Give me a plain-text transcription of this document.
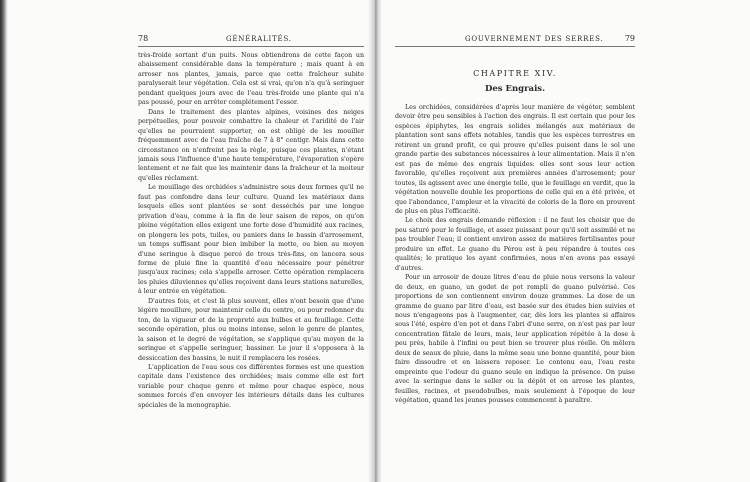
78	GÉNÉRALITÉS.

très-froide sortant d'un puits. Nous obtiendrons de cette façon un abaissement considérable dans la température ; mais quant à en arroser nos plantes, jamais, parce que cette fraîcheur subite paralyserait leur végétation. Cela est si vrai, qu'on n'a qu'à seringuer pendant quelques jours avec de l'eau très-froide une plante qui n'a pas poussé, pour en arrêter complétement l'essor.

Dans le traitement des plantes alpines, voisines des neiges perpétuelles, pour pouvoir combattre la chaleur et l'aridité de l'air qu'elles ne pourraient supporter, on est obligé de les mouiller fréquemment avec de l'eau fraîche de 7 à 8° centigr. Mais dans cette circonstance on n'enfreint pas la règle, puisque ces plantes, n'étant jamais sous l'influence d'une haute température, l'évaporation s'opère lentement et ne fait que les maintenir dans la fraîcheur et la moiteur qu'elles réclament.

Le mouillage des orchidées s'administre sous deux formes qu'il ne faut pas confondre dans leur culture. Quand les matériaux dans lesquels elles sont plantées se sont desséchés par une longue privation d'eau, comme à la fin de leur saison de repos, on qu'on pleine végétation elles exigent une forte dose d'humidité aux racines, on plongera les pots, tuiles, ou paniers dans le bassin d'arrosement, un temps suffisant pour bien imbiber la motte, ou bien au moyen d'une seringue à disque percé de trous très-fins, on lancera sous forme de pluie fine la quantité d'eau nécessaire pour pénétrer jusqu'aux racines; cela s'appelle arroser. Cette opération remplacera les pluies diluviennes qu'elles reçoivent dans leurs stations naturelles, à leur entrée en végétation.

D'autres fois, et c'est là plus souvent, elles n'ont besoin que d'une légère mouillure, pour maintenir celle du centre, ou pour redonner du ton, de la vigueur et de la propreté aux bulbes et au feuillage. Cette seconde opération, plus ou moins intense, selon le genre de plantes, la saison et le degré de végétation, se s'applique qu'au moyen de la seringue et s'appelle seringuer, bassiner. Le jour il s'opposera à la dessiccation des bassins, le nuit il remplacera les rosées.

L'application de l'eau sous ces différentes formes est une question capitale dans l'existence des orchidées; mais comme elle est fort variable pour chaque genre et même pour chaque espèce, nous sommes forcés d'en envoyer les intérieurs détails dans les cultures spéciales de la monographie.

GOUVERNEMENT DES SERRES.	79
CHAPITRE XIV.
Des Engrais.

Les orchidées, considérées d'après leur manière de végéter, semblent devoir être peu sensibles à l'action des engrais. Il est certain que pour les espèces épiphytes, les engrais solides mélangés aux matériaux de plantation sont sans effets notables, tandis que les espèces terrestres en retirent un grand profit, ce qui prouve qu'elles puisent dans le sol une grande partie des substances nécessaires à leur alimentation. Mais il n'en est pas de même des engrais liquides: elles sont sous leur action favorable, qu'elles reçoivent aux premières années d'arrosement; pour toutes, ils agissent avec une énergie telle, que le feuillage en verdit, que la végétation nouvelle double les proportions de celle qui en a été privée, et que l'abondance, l'ampleur et la vivacité de coloris de la flore en prouvent de plus en plus l'efficacité.

Le choix des engrais demande réflexion : il ne faut les choisir que de peu saturé pour le feuillage, et assez puissant pour qu'il soit assimilé et ne pas troubler l'eau; il contient environ assez de matières fertilisantes pour produire un effet. Le guano du Pérou est à peu répandre à toutes ces qualités; le pratique les ayant confirmées, nous n'en avons pas essayé d'autres.

Pour un arrosoir de douze litres d'eau de pluie nous versons la valeur de deux, en guano, un godet de pot rempli de guano pulvérisé. Ces proportions de son contiennent environ douze grammes. La dose de un gramme de guano par litre d'eau, est basée sur des études bien suivies et nous n'engageons pas à l'augmenter, car, dès lors les plantes si affaires sous l'été, espère d'en pot et dans l'abri d'une serre, on n'est pas par leur concentration fâtale de leurs, mais, leur application répétée à la dose à peu près, habile à l'infini ou peut bien se trouver plus réelle. On mêlera deux de seaux de pluie, dans la même seau une bonne quantité, pour bien faire dissoudre et en laissera reposer. Le contenu eau, l'eau reste empreinte que l'odeur du guano seule en indique la présence. On puise avec la seringue dans le seller ou la dépôt et on arrose les plantes, feuilles, racines, et pseudobulbes, mais seulement à l'époque de leur végétation, quand les jeunes pousses commencent à paraître.
